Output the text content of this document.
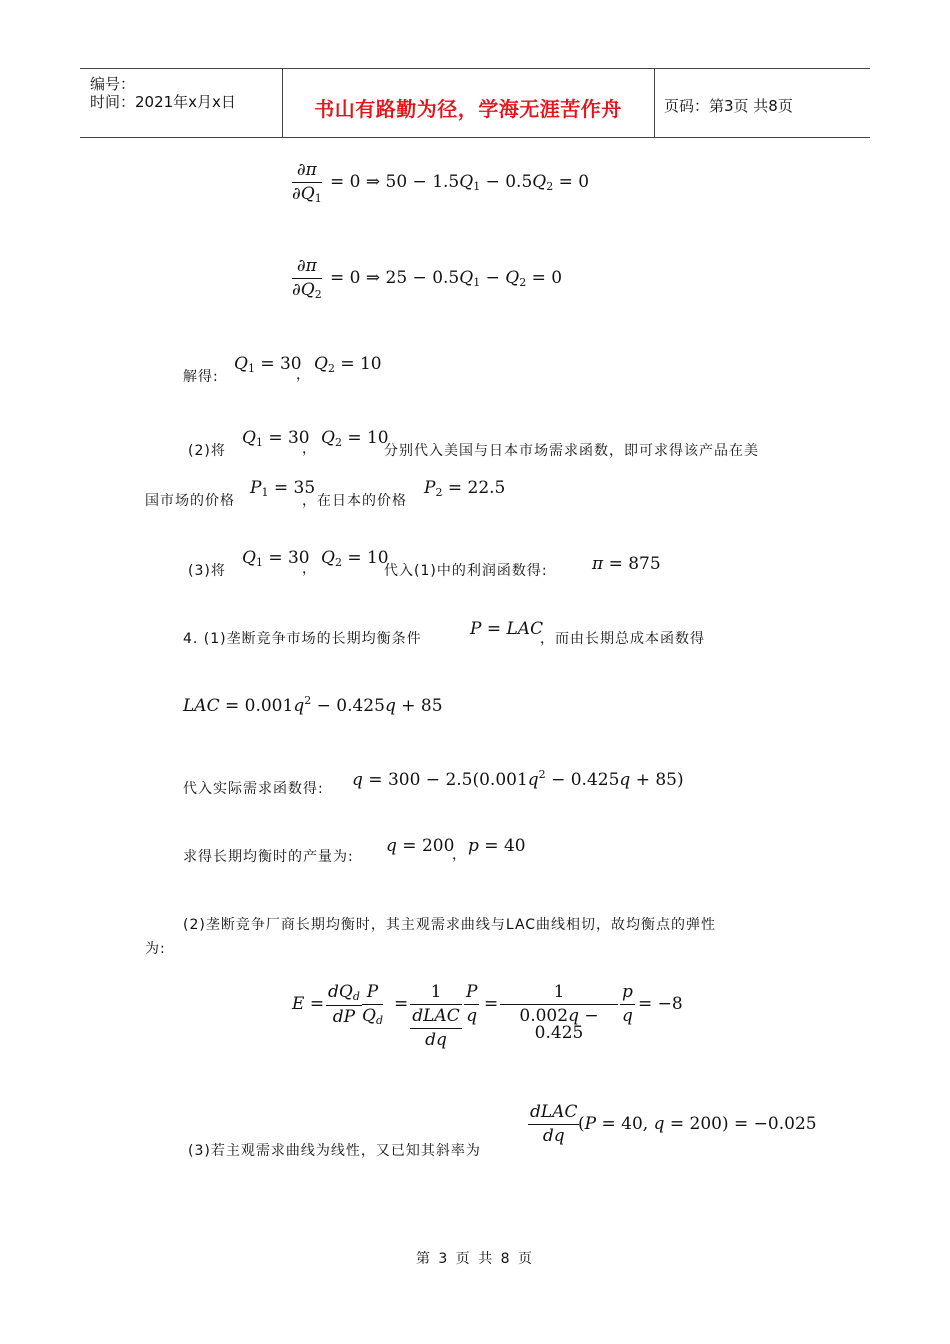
编号：
时间：2021年x月x日	书山有路勤为径，学海无涯苦作舟	页码：第3页 共8页
$\frac{\partial\pi}{\partial Q_1} = 0$ ⇒ $50 - 1.5Q_1 - 0.5Q_2 = 0$
$\frac{\partial\pi}{\partial Q_2} = 0$ ⇒ $25 - 0.5Q_1 - Q_2 = 0$
解得:
$Q_1 = 30$
，
$Q_2 = 10$
(2)将
$Q_1 = 30$
，
$Q_2 = 10$
分别代入美国与日本市场需求函数，即可求得该产品在美
国市场的价格
$P_1 = 35$
，在日本的价格
$P_2 = 22.5$
(3)将
$Q_1 = 30$
，
$Q_2 = 10$
代入(1)中的利润函数得:	π = 875
4. (1)垄断竞争市场的长期均衡条件	P = LAC
，而由长期总成本函数得
LAC = $0.001q^2 - 0.425q + 85$
代入实际需求函数得: $q = 300 - 2.5(0.001q^2 - 0.425q + 85)$
求得长期均衡时的产量为:
q = 200
， p = 40
(2)垄断竞争厂商长期均衡时，其主观需求曲线与LAC曲线相切，故均衡点的弹性
为:
E =
$dQ_d$
dP $\frac{P}{Q_d}$ =
1
dLAC
dq
$\frac{P}{q} = \frac{1}{0.002q - 0.425} \frac{p}{q} = -8$
(3)若主观需求曲线为线性，又已知其斜率为
dLAC
dq
(P = 40, q = 200) = −0.025
第 3 页 共 8 页
